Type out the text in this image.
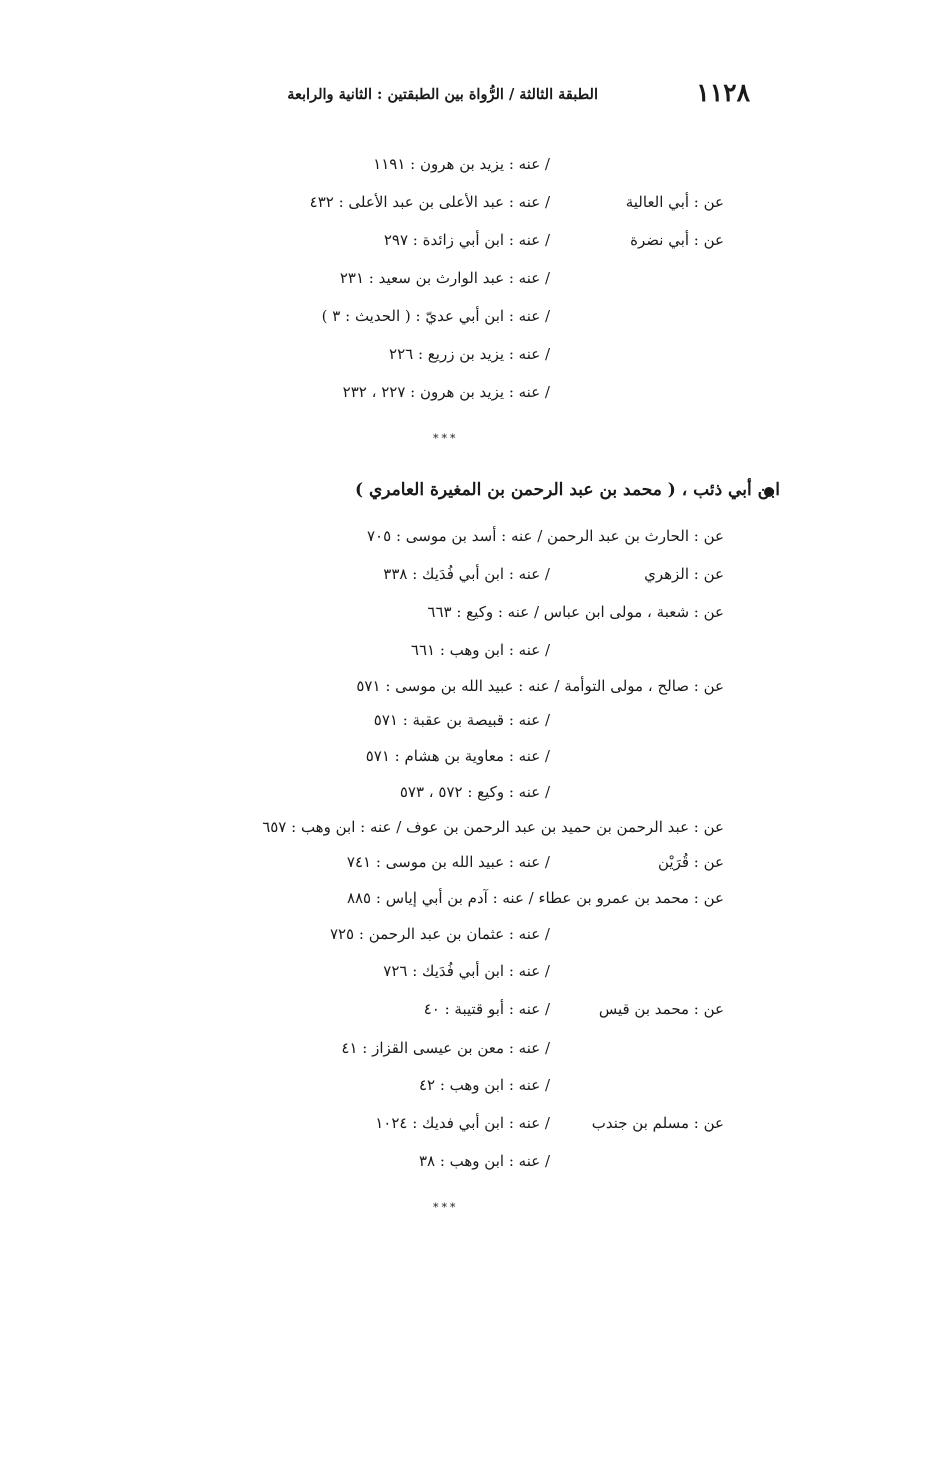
١١٢٨
الطبقة الثالثة / الرُّواة بين الطبقتين : الثانية والرابعة
/ عنه : يزيد بن هرون : ١١٩١
/ عنه : عبد الأعلى بن عبد الأعلى : ٤٣٢
/ عنه : ابن أبي زائدة : ٢٩٧
/ عنه : عبد الوارث بن سعيد : ٢٣١
/ عنه : ابن أبي عديّ : ( الحديث : ٣ )
/ عنه : يزيد بن زريع : ٢٢٦
/ عنه : يزيد بن هرون : ٢٢٧ ، ٢٣٢
عن : أبي العالية
عن : أبي نضرة
***
ابن أبي ذئب ، ( محمد بن عبد الرحمن بن المغيرة العامري )
عن : الحارث بن عبد الرحمن / عنه : أسد بن موسى : ٧٠٥
/ عنه : ابن أبي فُدَيك : ٣٣٨
عن : شعبة ، مولى ابن عباس / عنه : وكيع : ٦٦٣
/ عنه : ابن وهب : ٦٦١
عن : صالح ، مولى التوأمة / عنه : عبيد الله بن موسى : ٥٧١
/ عنه : قبيصة بن عقبة : ٥٧١
/ عنه : معاوية بن هشام : ٥٧١
/ عنه : وكيع : ٥٧٢ ، ٥٧٣
عن : عبد الرحمن بن حميد بن عبد الرحمن بن عوف / عنه : ابن وهب : ٦٥٧
/ عنه : عبيد الله بن موسى : ٧٤١
عن : محمد بن عمرو بن عطاء / عنه : آدم بن أبي إياس : ٨٨٥
/ عنه : عثمان بن عبد الرحمن : ٧٢٥
/ عنه : ابن أبي فُدَيك : ٧٢٦
/ عنه : أبو قتيبة : ٤٠
/ عنه : معن بن عيسى القزاز : ٤١
/ عنه : ابن وهب : ٤٢
/ عنه : ابن أبي فديك : ١٠٢٤
/ عنه : ابن وهب : ٣٨
عن : الزهري
عن : قُرَيْن
عن : محمد بن قيس
عن : مسلم بن جندب
***
